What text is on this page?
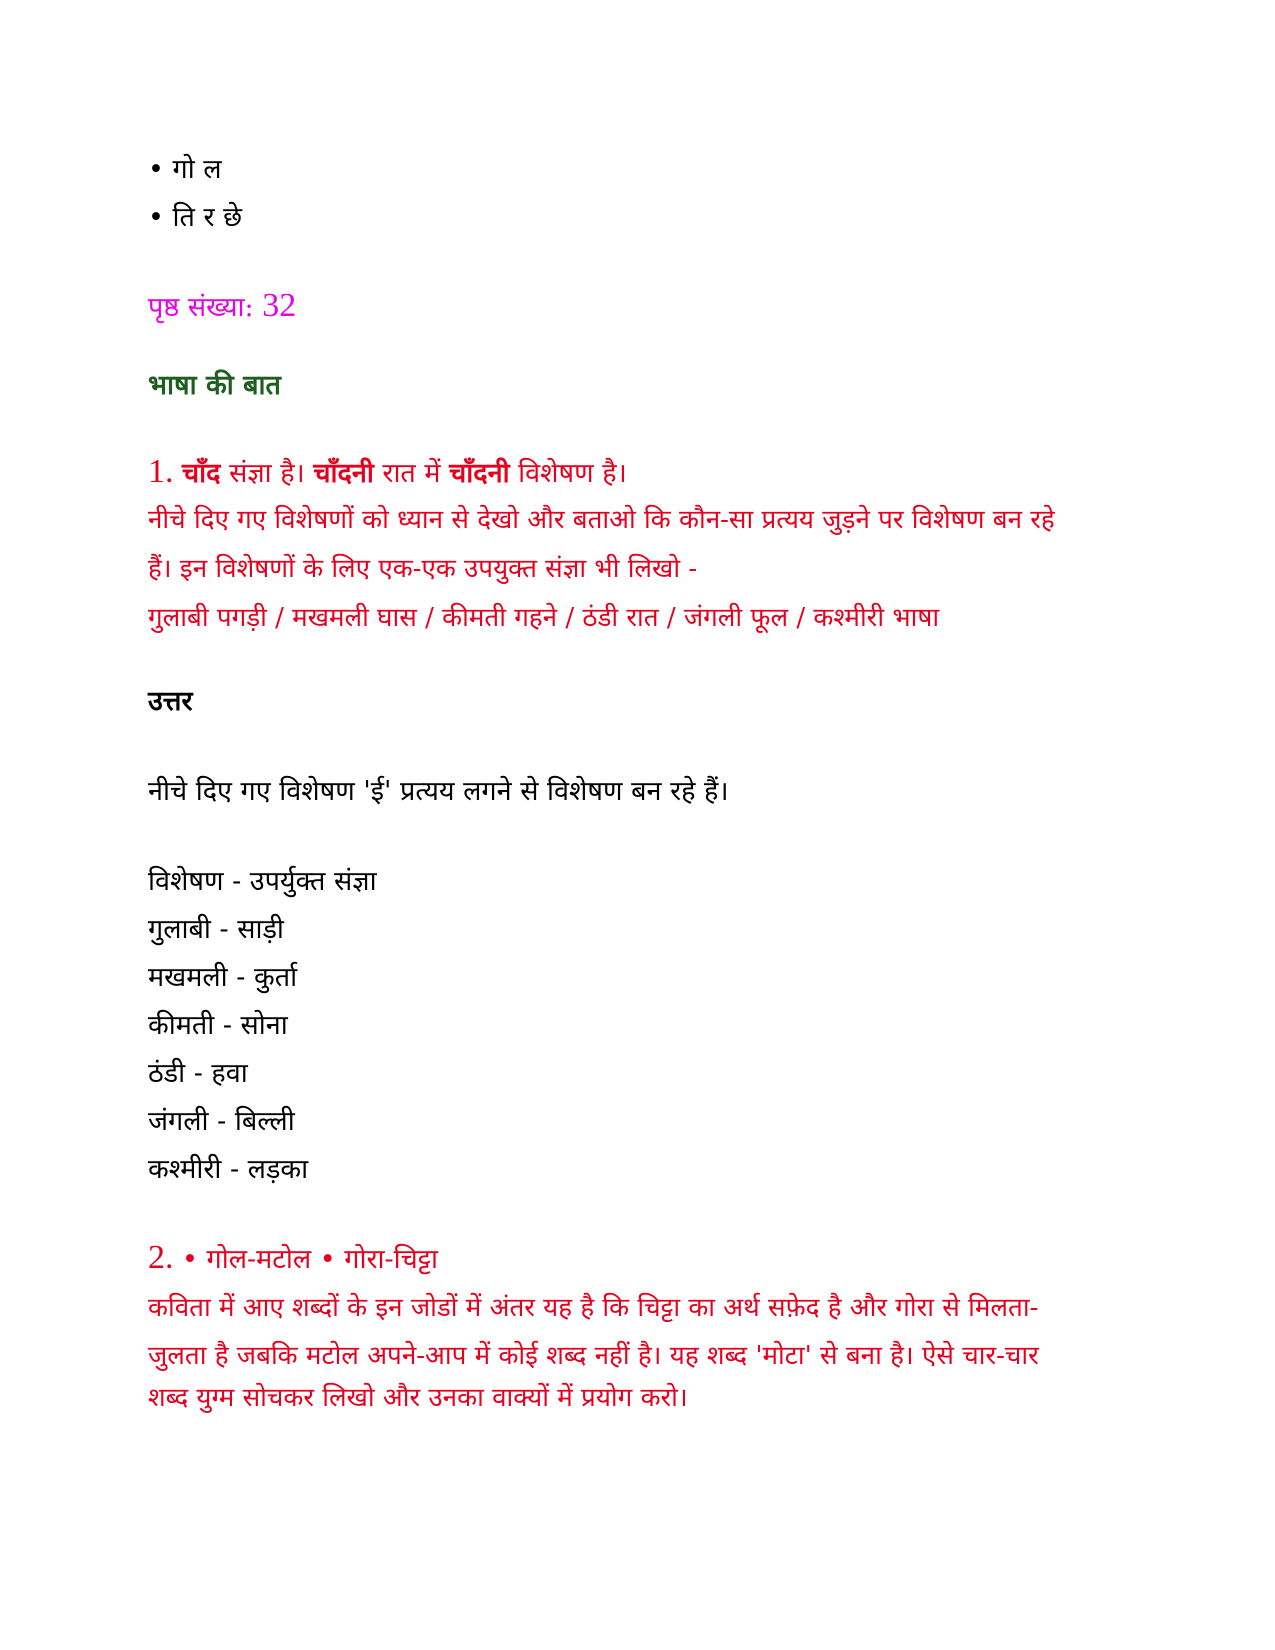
• गो ल
• ति र छे
पृष्ठ संख्या: 32
भाषा की बात
1. चाँद संज्ञा है। चाँदनी रात में चाँदनी विशेषण है।
नीचे दिए गए विशेषणों को ध्यान से देखो और बताओ कि कौन-सा प्रत्यय जुड़ने पर विशेषण बन रहे
हैं। इन विशेषणों के लिए एक-एक उपयुक्त संज्ञा भी लिखो -
गुलाबी पगड़ी / मखमली घास / कीमती गहने / ठंडी रात / जंगली फूल / कश्मीरी भाषा
उत्तर
नीचे दिए गए विशेषण 'ई' प्रत्यय लगने से विशेषण बन रहे हैं।
विशेषण - उपर्युक्त संज्ञा
गुलाबी - साड़ी
मखमली - कुर्ता
कीमती - सोना
ठंडी - हवा
जंगली - बिल्ली
कश्मीरी - लड़का
2. • गोल-मटोल • गोरा-चिट्टा
कविता में आए शब्दों के इन जोडों में अंतर यह है कि चिट्टा का अर्थ सफ़ेद है और गोरा से मिलता-
जुलता है जबकि मटोल अपने-आप में कोई शब्द नहीं है। यह शब्द 'मोटा' से बना है। ऐसे चार-चार
शब्द युग्म सोचकर लिखो और उनका वाक्यों में प्रयोग करो।
